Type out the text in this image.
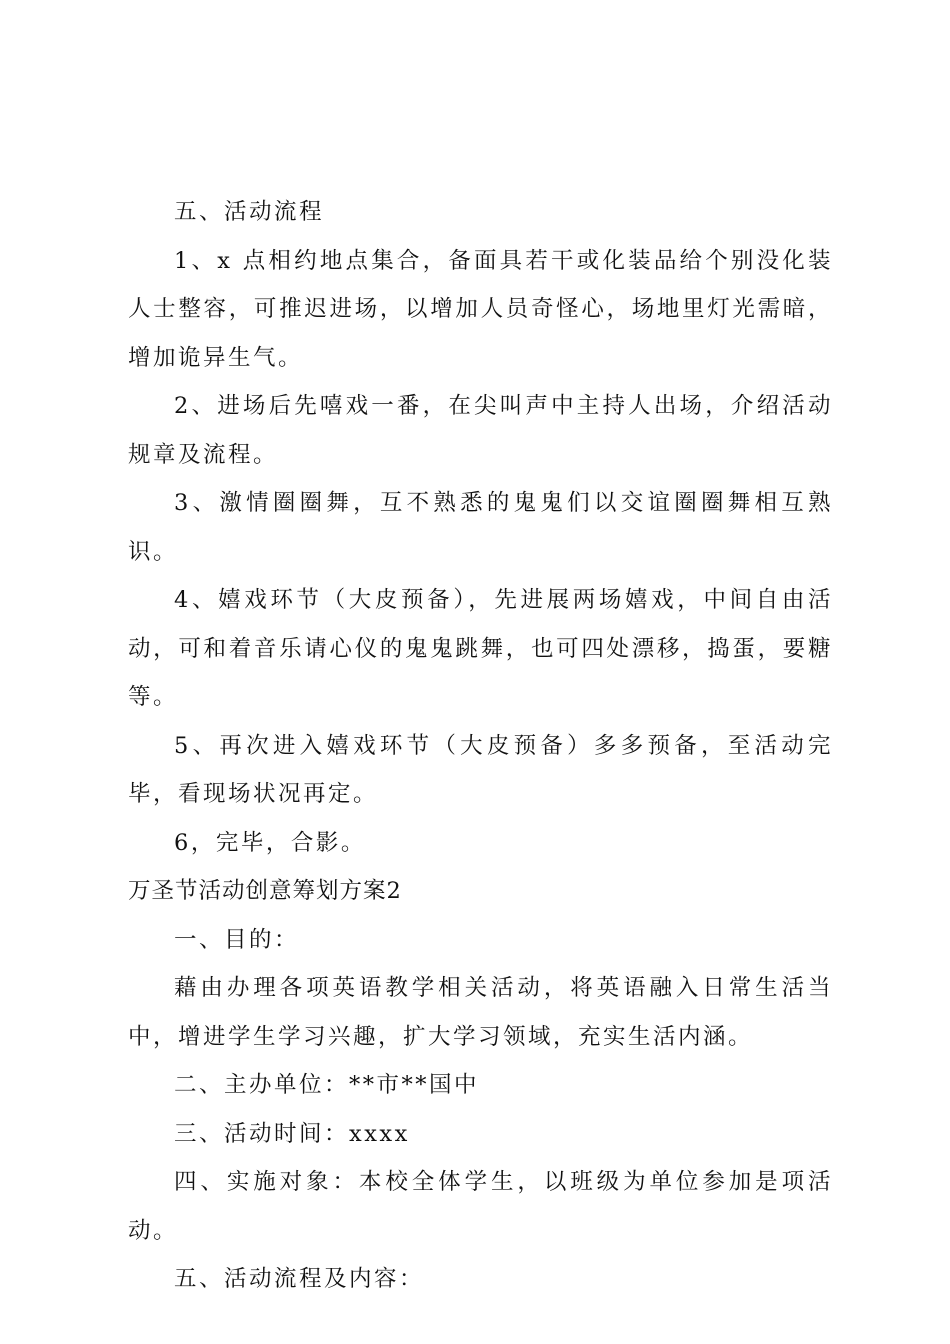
五、活动流程

1、x 点相约地点集合，备面具若干或化装品给个别没化装人士整容，可推迟进场，以增加人员奇怪心，场地里灯光需暗，增加诡异生气。

2、进场后先嘻戏一番，在尖叫声中主持人出场，介绍活动规章及流程。

3、激情圈圈舞，互不熟悉的鬼鬼们以交谊圈圈舞相互熟识。

4、嬉戏环节（大皮预备），先进展两场嬉戏，中间自由活动，可和着音乐请心仪的鬼鬼跳舞，也可四处漂移，捣蛋，要糖等。

5、再次进入嬉戏环节（大皮预备）多多预备，至活动完毕，看现场状况再定。

6，完毕，合影。

万圣节活动创意筹划方案2

一、目的：

藉由办理各项英语教学相关活动，将英语融入日常生活当中，增进学生学习兴趣，扩大学习领域，充实生活内涵。

二、主办单位：**市**国中

三、活动时间：xxxx

四、实施对象：本校全体学生，以班级为单位参加是项活动。

五、活动流程及内容：
